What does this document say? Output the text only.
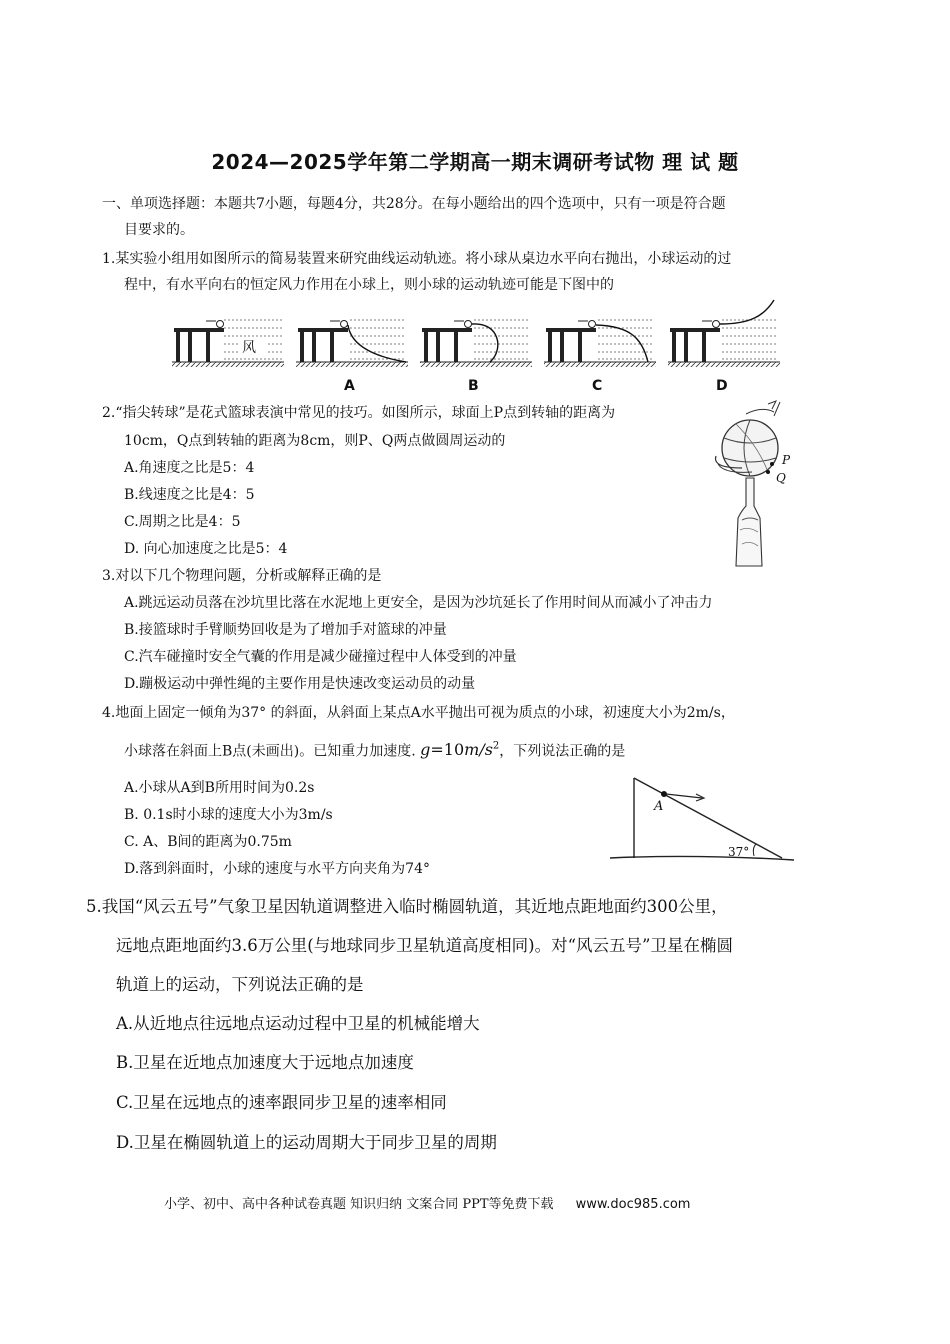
2024—2025学年第二学期高一期末调研考试物 理 试 题
一、单项选择题：本题共7小题，每题4分，共28分。在每小题给出的四个选项中，只有一项是符合题
目要求的。
1.某实验小组用如图所示的简易装置来研究曲线运动轨迹。将小球从桌边水平向右抛出，小球运动的过
程中，有水平向右的恒定风力作用在小球上，则小球的运动轨迹可能是下图中的
风
A	B	C	D
2.“指尖转球”是花式篮球表演中常见的技巧。如图所示，球面上P点到转轴的距离为
10cm，Q点到转轴的距离为8cm，则P、Q两点做圆周运动的
A.角速度之比是5：4
B.线速度之比是4：5
C.周期之比是4：5
D. 向心加速度之比是5：4
P
Q
3.对以下几个物理问题，分析或解释正确的是
A.跳远运动员落在沙坑里比落在水泥地上更安全，是因为沙坑延长了作用时间从而减小了冲击力
B.接篮球时手臂顺势回收是为了增加手对篮球的冲量
C.汽车碰撞时安全气囊的作用是减少碰撞过程中人体受到的冲量
D.蹦极运动中弹性绳的主要作用是快速改变运动员的动量
4.地面上固定一倾角为37° 的斜面，从斜面上某点A水平抛出可视为质点的小球，初速度大小为2m/s，
小球落在斜面上B点(未画出)。已知重力加速度. $g=10m/s^2$，下列说法正确的是
A.小球从A到B所用时间为0.2s
B. 0.1s时小球的速度大小为3m/s
C. A、B间的距离为0.75m
D.落到斜面时，小球的速度与水平方向夹角为74°
A
37°
5.我国“风云五号”气象卫星因轨道调整进入临时椭圆轨道，其近地点距地面约300公里，
远地点距地面约3.6万公里(与地球同步卫星轨道高度相同)。对“风云五号”卫星在椭圆
轨道上的运动，下列说法正确的是
A.从近地点往远地点运动过程中卫星的机械能增大
B.卫星在近地点加速度大于远地点加速度
C.卫星在远地点的速率跟同步卫星的速率相同
D.卫星在椭圆轨道上的运动周期大于同步卫星的周期
小学、初中、高中各种试卷真题 知识归纳 文案合同 PPT等免费下载 www.doc985.com
